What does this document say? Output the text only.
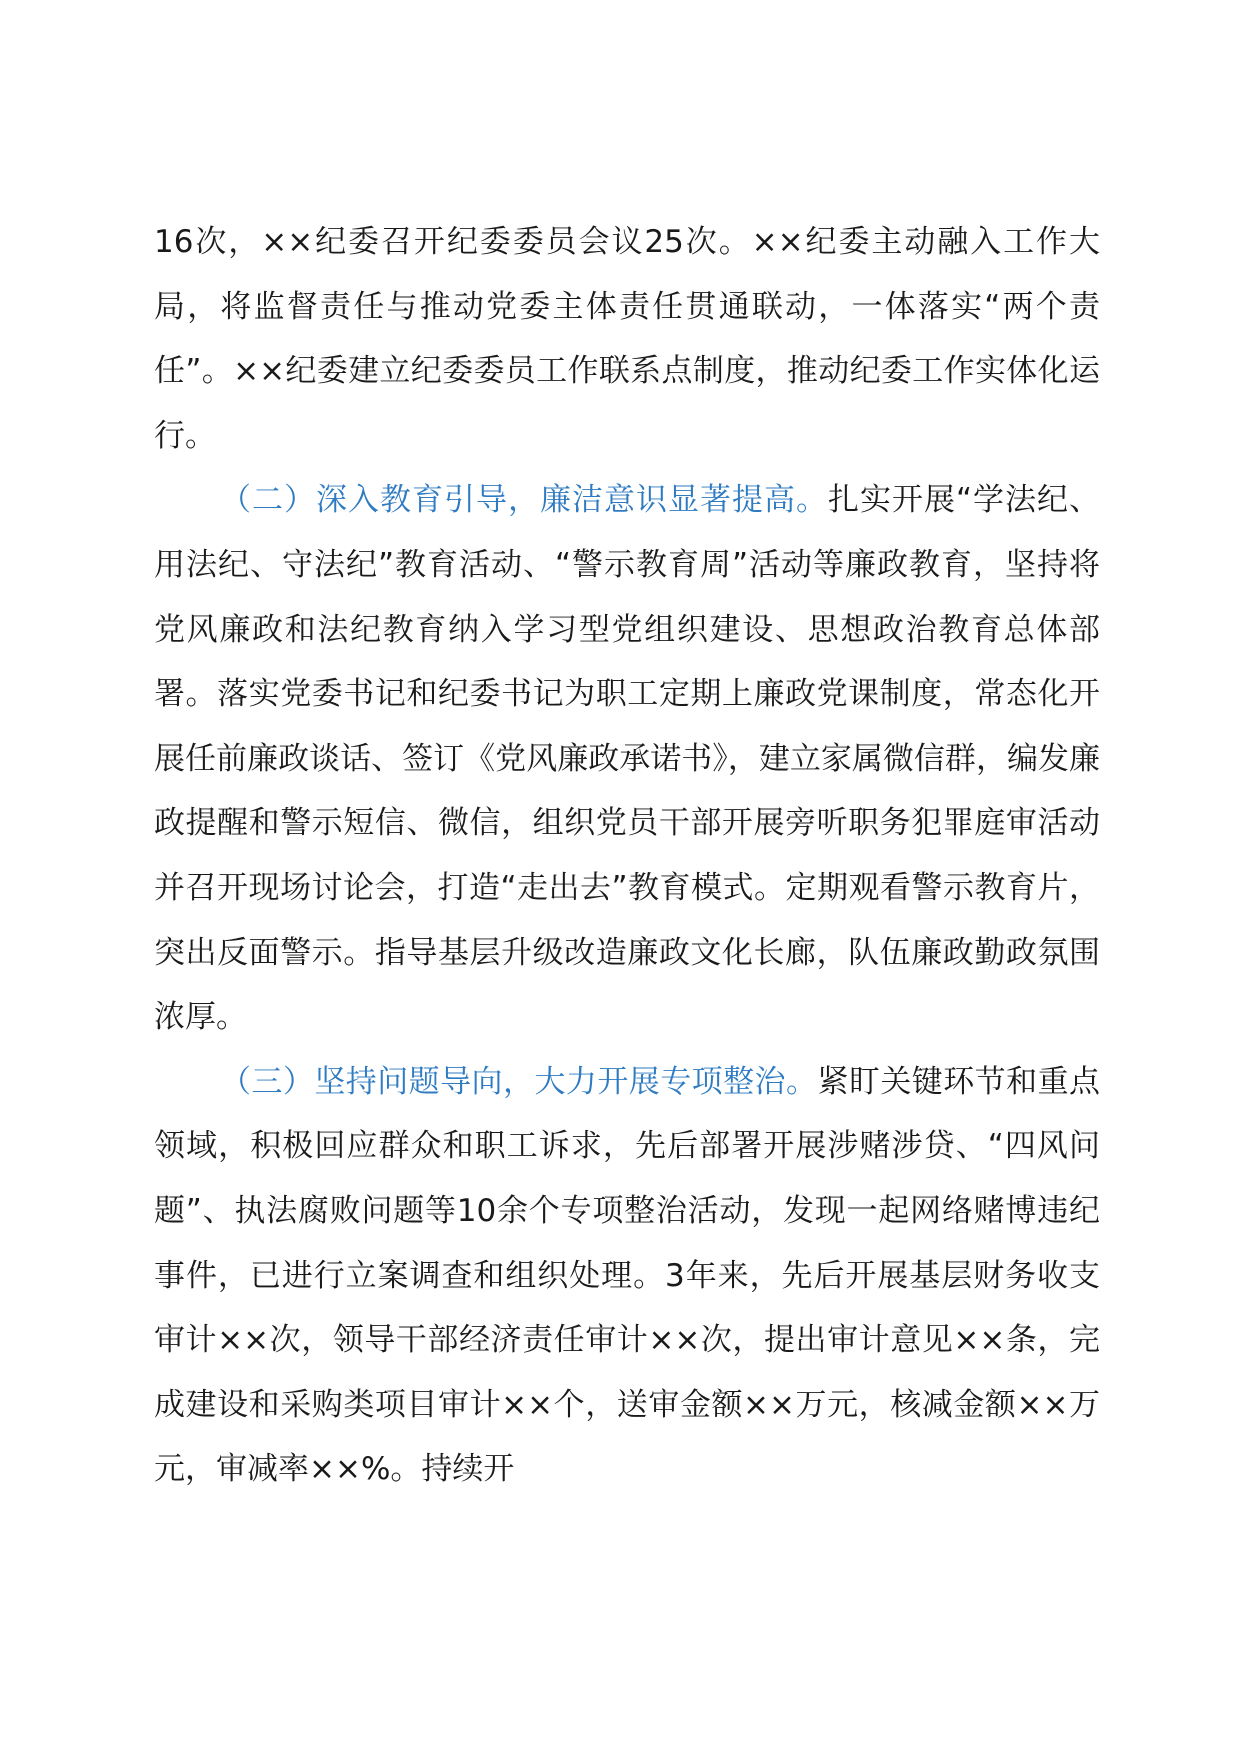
16次，××纪委召开纪委委员会议25次。××纪委主动融入工作大局，将监督责任与推动党委主体责任贯通联动，一体落实“两个责任”。××纪委建立纪委委员工作联系点制度，推动纪委工作实体化运行。

（二）深入教育引导，廉洁意识显著提高。扎实开展“学法纪、用法纪、守法纪”教育活动、“警示教育周”活动等廉政教育，坚持将党风廉政和法纪教育纳入学习型党组织建设、思想政治教育总体部署。落实党委书记和纪委书记为职工定期上廉政党课制度，常态化开展任前廉政谈话、签订《党风廉政承诺书》，建立家属微信群，编发廉政提醒和警示短信、微信，组织党员干部开展旁听职务犯罪庭审活动并召开现场讨论会，打造“走出去”教育模式。定期观看警示教育片，突出反面警示。指导基层升级改造廉政文化长廊，队伍廉政勤政氛围浓厚。

（三）坚持问题导向，大力开展专项整治。紧盯关键环节和重点领域，积极回应群众和职工诉求，先后部署开展涉赌涉贷、“四风问题”、执法腐败问题等10余个专项整治活动，发现一起网络赌博违纪事件，已进行立案调查和组织处理。3年来，先后开展基层财务收支审计××次，领导干部经济责任审计××次，提出审计意见××条，完成建设和采购类项目审计××个，送审金额××万元，核减金额××万元，审减率××%。持续开
